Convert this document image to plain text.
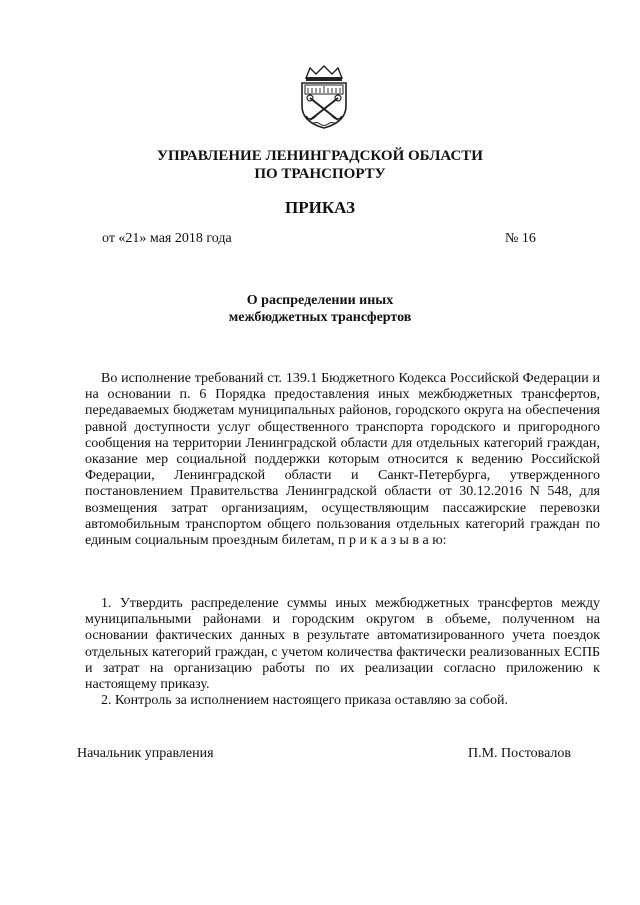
УПРАВЛЕНИЕ ЛЕНИНГРАДСКОЙ ОБЛАСТИ
ПО ТРАНСПОРТУ
ПРИКАЗ
от «21» мая 2018 года	№ 16
О распределении иных
межбюджетных трансфертов

Во исполнение требований ст. 139.1 Бюджетного Кодекса Российской Федерации и на основании п. 6 Порядка предоставления иных межбюджетных трансфертов, передаваемых бюджетам муниципальных районов, городского округа на обеспечения равной доступности услуг общественного транспорта городского и пригородного сообщения на территории Ленинградской области для отдельных категорий граждан, оказание мер социальной поддержки которым относится к ведению Российской Федерации, Ленинградской области и Санкт-Петербурга, утвержденного постановлением Правительства Ленинградской области от 30.12.2016 N 548, для возмещения затрат организациям, осуществляющим пассажирские перевозки автомобильным транспортом общего пользования отдельных категорий граждан по единым социальным проездным билетам, п р и к а з ы в а ю:

1. Утвердить распределение суммы иных межбюджетных трансфертов между муниципальными районами и городским округом в объеме, полученном на основании фактических данных в результате автоматизированного учета поездок отдельных категорий граждан, с учетом количества фактически реализованных ЕСПБ и затрат на организацию работы по их реализации согласно приложению к настоящему приказу.

2. Контроль за исполнением настоящего приказа оставляю за собой.

Начальник управления	П.М. Постовалов
